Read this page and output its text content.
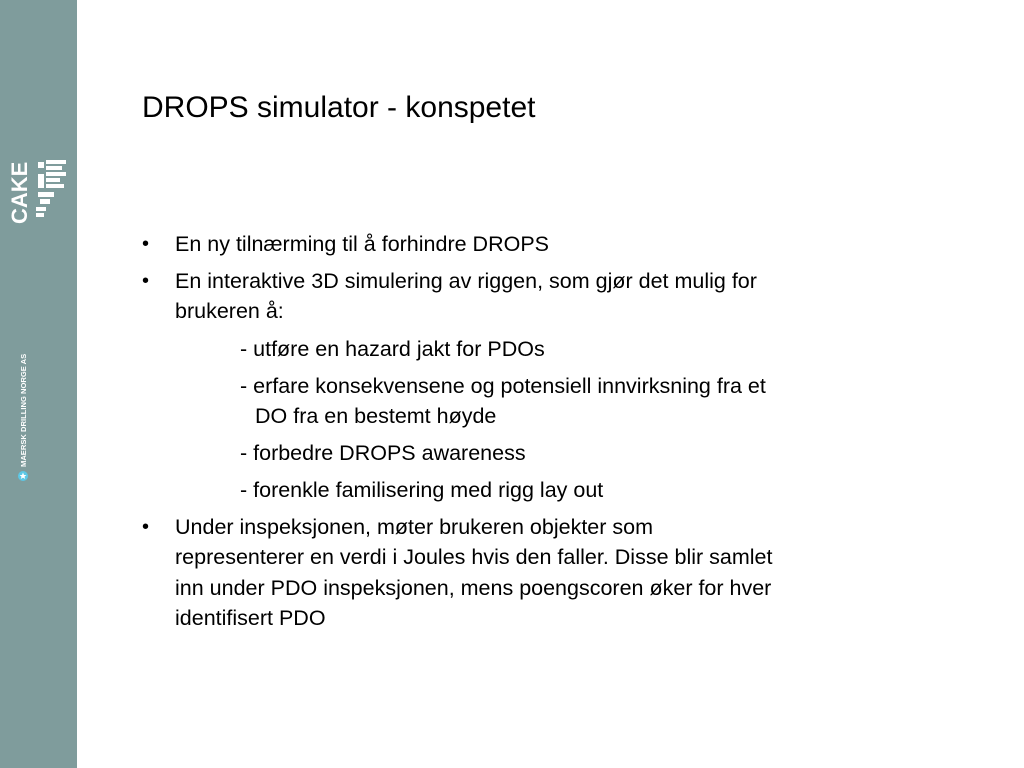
CAKE
MAERSK DRILLING NORGE AS
DROPS simulator - konspetet
• En ny tilnærming til å forhindre DROPS
• En interaktive 3D simulering av riggen, som gjør det mulig for
brukeren å:
- utføre en hazard jakt for PDOs
- erfare konsekvensene og potensiell innvirksning fra et
DO fra en bestemt høyde
- forbedre DROPS awareness
- forenkle familisering med rigg lay out
• Under inspeksjonen, møter brukeren objekter som
representerer en verdi i Joules hvis den faller. Disse blir samlet
inn under PDO inspeksjonen, mens poengscoren øker for hver
identifisert PDO
